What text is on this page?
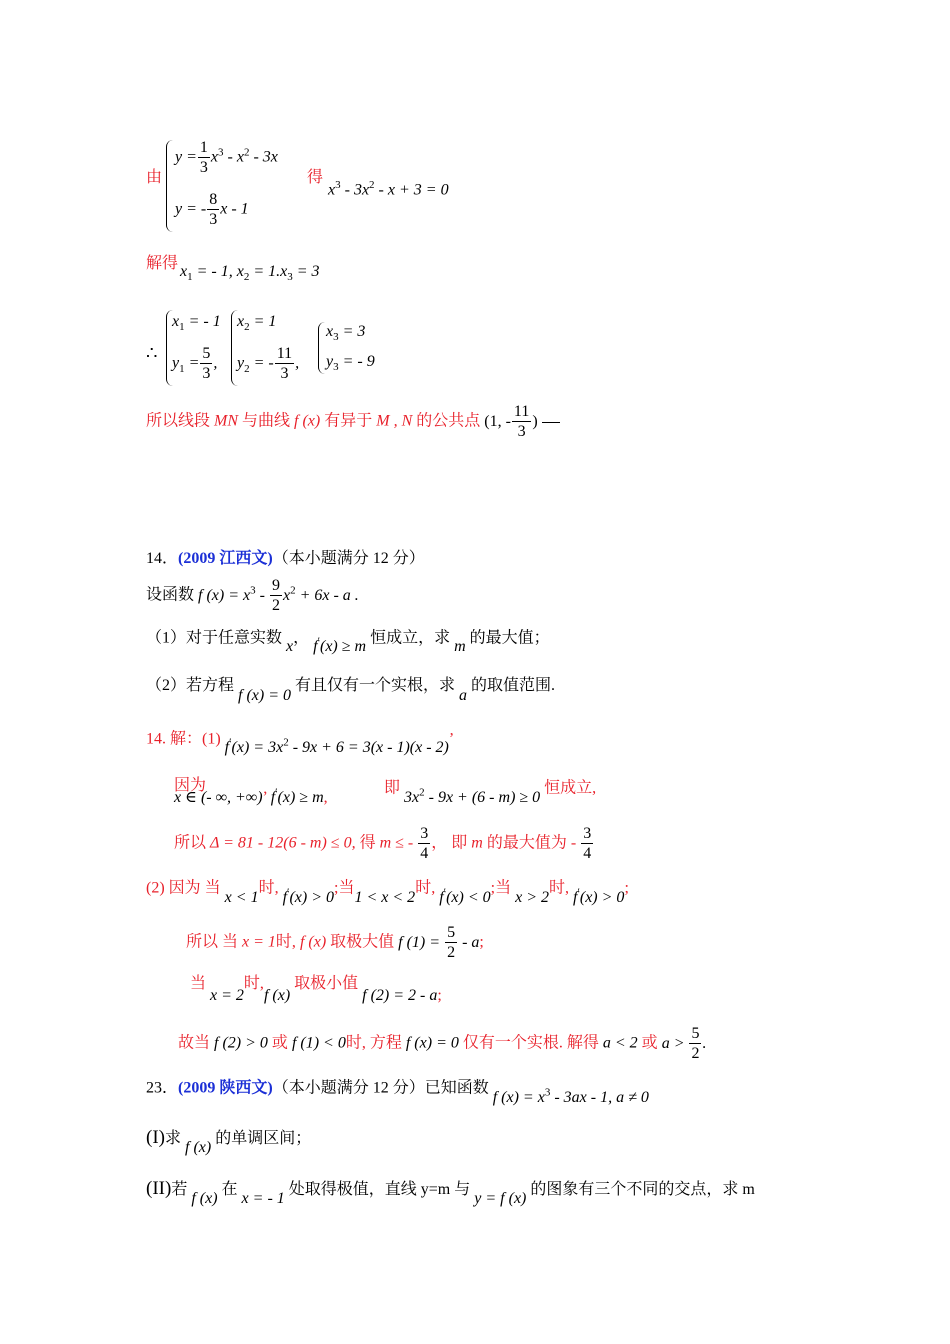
由
$y = \frac{1}{3} x^3 - x^2 - 3x$
y = - $\frac{8}{3}$ x - 1
得
$x^3 - 3x^2 - x + 3 = 0$
解得 $x_1$ = - 1, $x_2 = 1.x_3 = 3$
∴
$x_1$ = - 1
$y_1 = \frac{5}{3}$ ,
$x_2 = 1$
$y_2$ = - $\frac{11}{3}$ ,
$x_3 = 3$
$y_3$ = - 9
所以线段 MN 与曲线 f (x) 有异于 M , N 的公共点 (1, - $\frac{11}{3}$ )
14．(2009 江西文)（本小题满分 12 分）
设函数 f $(x) = x^3 - \frac{9}{2} x^2 + 6x - a$ .
（1）对于任意实数 x， f′(x) ≥ m 恒成立，求 m 的最大值；
（2）若方程 f (x) = 0 有且仅有一个实根，求 a 的取值范围.
14. 解：(1) $f'(x) = 3x^2 - 9x + 6 = 3(x - 1)(x - 2)$’
因为
x ∈ (- ∞, +∞)’ f′(x) ≥ m,
即 $3x^2 - 9x + (6 - m) \ge 0$ 恒成立,
所以 Δ = 81 - 12(6 - m) ≤ 0, 得 m ≤ - $\frac{3}{4}$ ， 即 m 的最大值为 - $\frac{3}{4}$
(2) 因为 当 x < 1时, f′(x) > 0;当1 < x < 2时, f′(x) < 0;当 x > 2时, f′(x) > 0;
所以 当 x = 1时, f (x) 取极大值 f $(1) = \frac{5}{2} - a$;
当 x = 2时,f (x) 取极小值 f (2) = 2 - a;
故当 f (2) > 0 或 f (1) < 0时, 方程 f (x) = 0 仅有一个实根. 解得 a < 2 或 $a > \frac{5}{2}$ .
23．(2009 陕西文)（本小题满分 12 分）已知函数 f $(x) = x^3 - 3ax - 1$, a ≠ 0
(I)求 f (x) 的单调区间；
(II)若 f (x) 在 x = - 1 处取得极值，直线 y=m 与 y = f (x) 的图象有三个不同的交点，求 m
